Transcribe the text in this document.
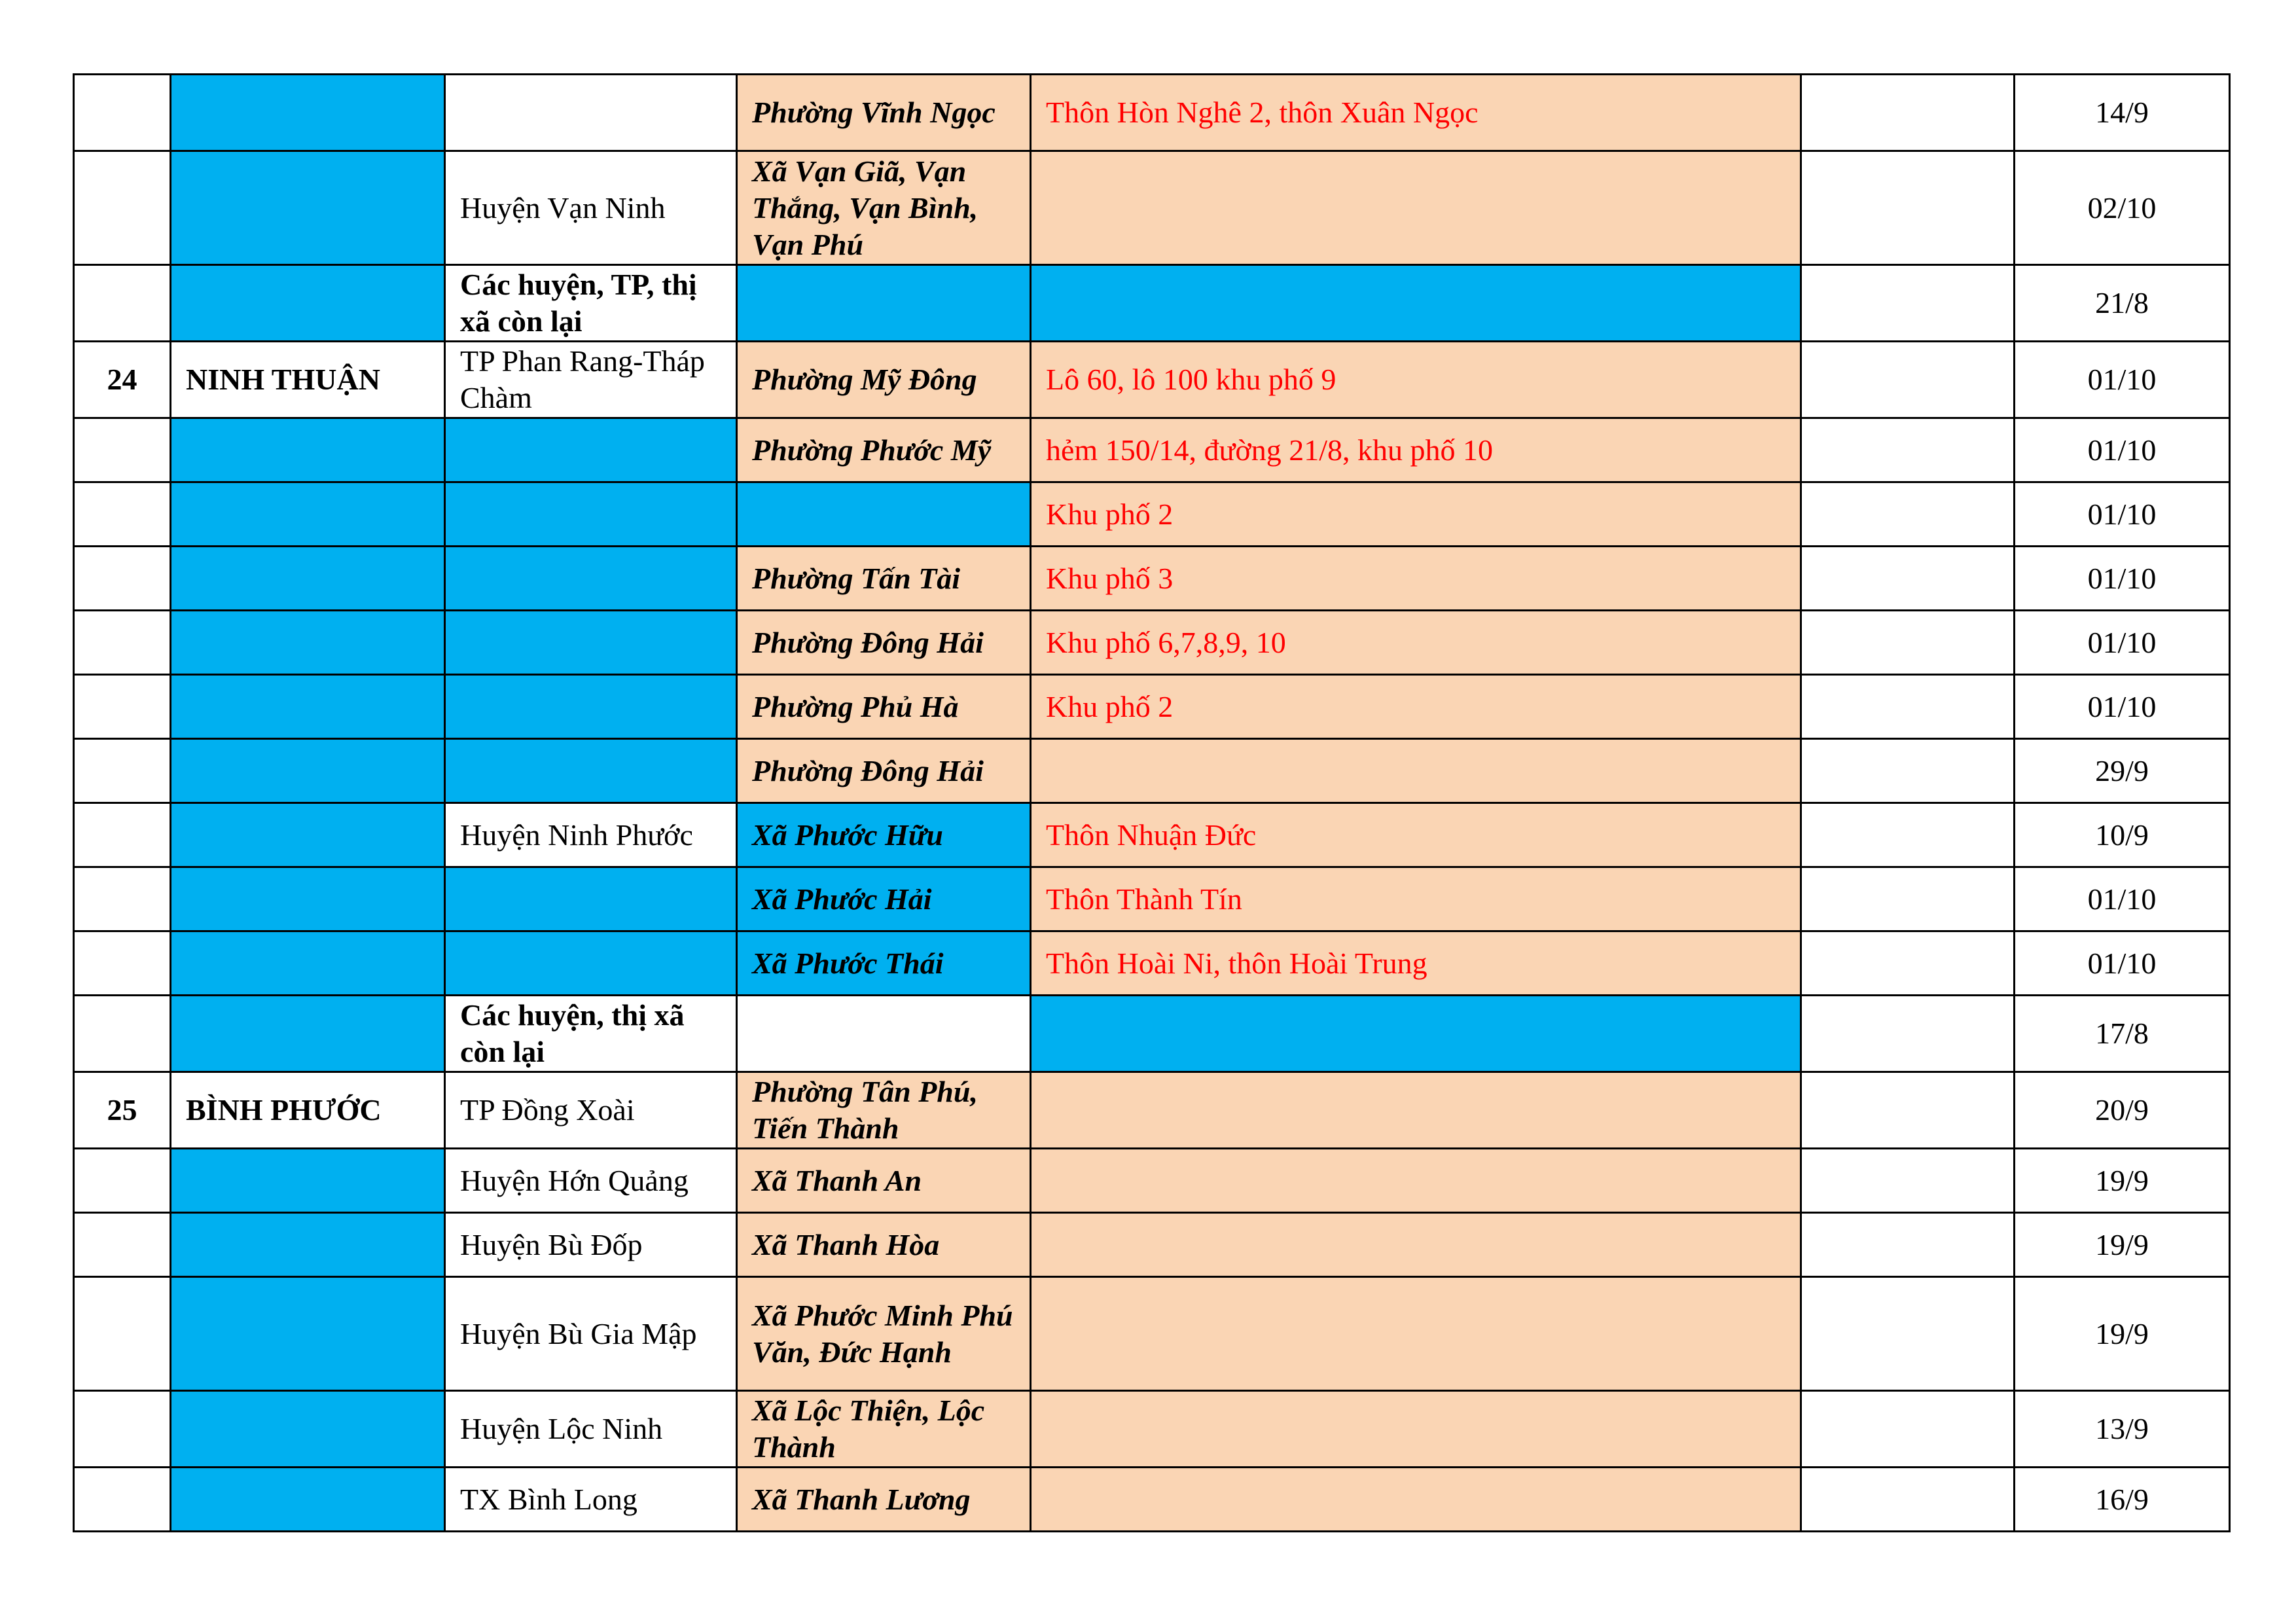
			Phường Vĩnh Ngọc	Thôn Hòn Nghê 2, thôn Xuân Ngọc		14/9
		Huyện Vạn Ninh	Xã Vạn Giã, Vạn Thắng, Vạn Bình, Vạn Phú			02/10
		Các huyện, TP, thị xã còn lại				21/8
24	NINH THUẬN	TP Phan Rang-Tháp Chàm	Phường Mỹ Đông	Lô 60, lô 100 khu phố 9		01/10
			Phường Phước Mỹ	hẻm 150/14, đường 21/8, khu phố 10		01/10
				Khu phố 2		01/10
			Phường Tấn Tài	Khu phố 3		01/10
			Phường Đông Hải	Khu phố 6,7,8,9, 10		01/10
			Phường Phủ Hà	Khu phố 2		01/10
			Phường Đông Hải			29/9
		Huyện Ninh Phước	Xã Phước Hữu	Thôn Nhuận Đức		10/9
			Xã Phước Hải	Thôn Thành Tín		01/10
			Xã Phước Thái	Thôn Hoài Ni, thôn Hoài Trung		01/10
		Các huyện, thị xã còn lại				17/8
25	BÌNH PHƯỚC	TP Đồng Xoài	Phường Tân Phú, Tiến Thành			20/9
		Huyện Hớn Quảng	Xã Thanh An			19/9
		Huyện Bù Đốp	Xã Thanh Hòa			19/9
		Huyện Bù Gia Mập	Xã Phước Minh Phú Văn, Đức Hạnh			19/9
		Huyện Lộc Ninh	Xã Lộc Thiện, Lộc Thành			13/9
		TX Bình Long	Xã Thanh Lương			16/9
